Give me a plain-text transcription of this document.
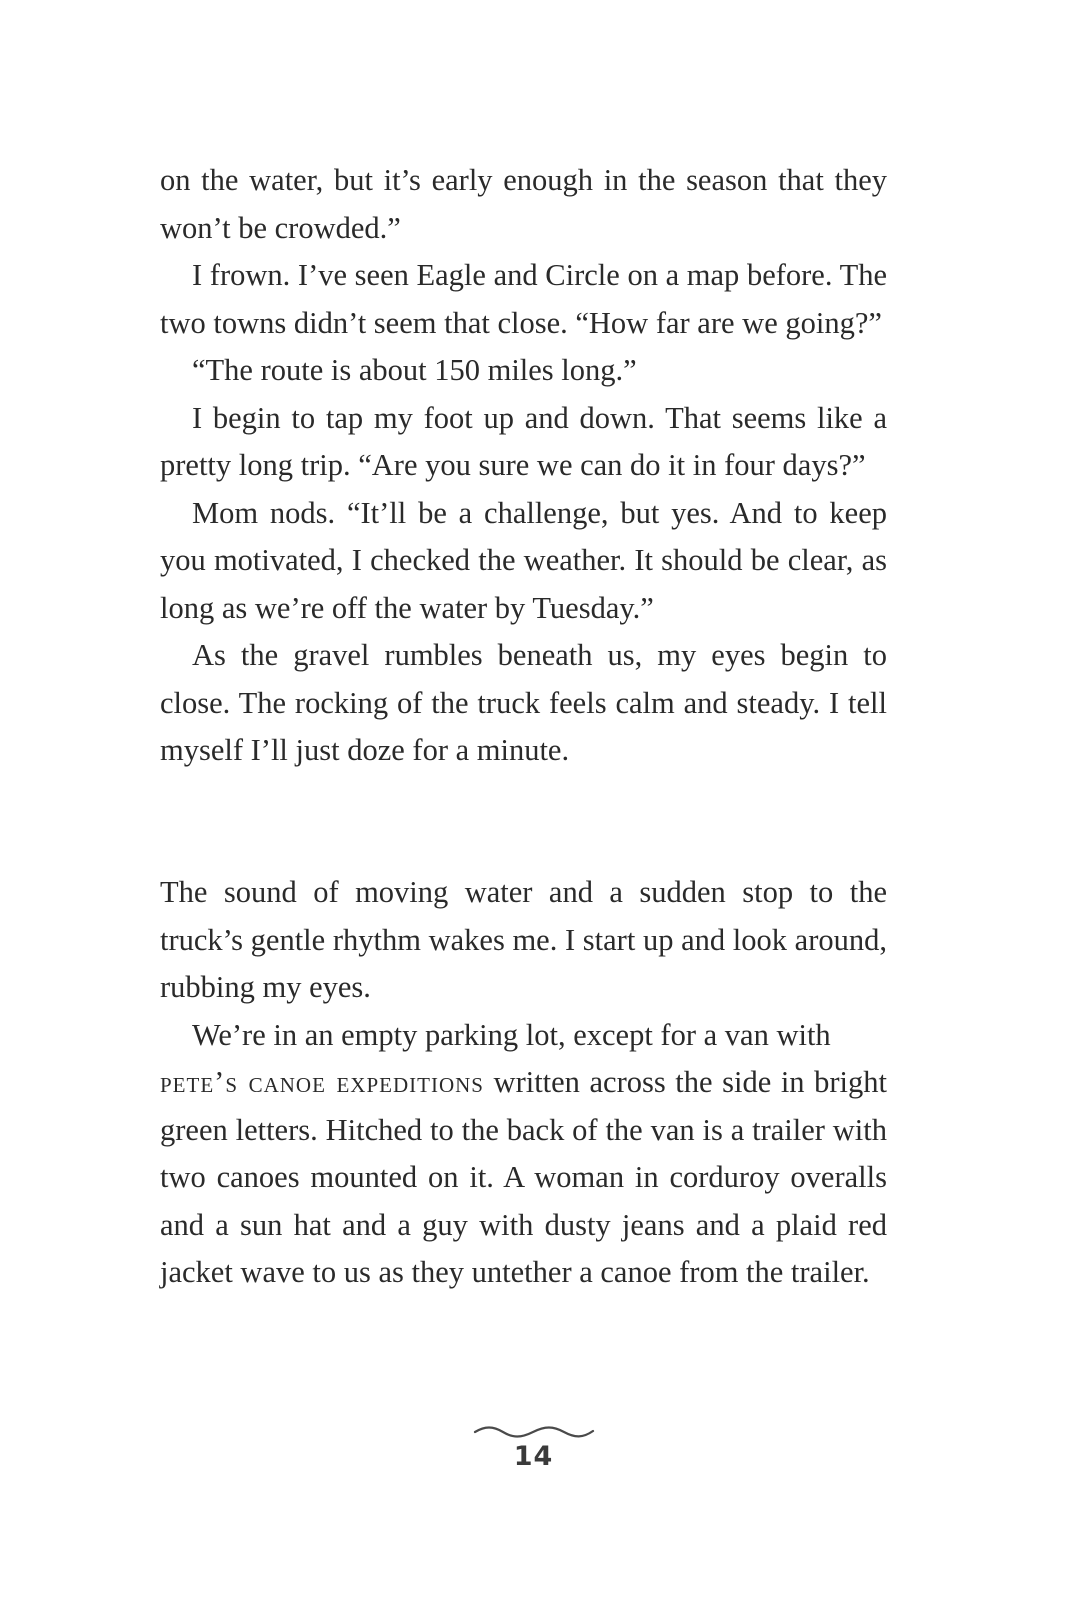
on the water, but it’s early enough in the season that they won’t be crowded.”

I frown. I’ve seen Eagle and Circle on a map before. The two towns didn’t seem that close. “How far are we going?”

“The route is about 150 miles long.”

I begin to tap my foot up and down. That seems like a pretty long trip. “Are you sure we can do it in four days?”

Mom nods. “It’ll be a challenge, but yes. And to keep you motivated, I checked the weather. It should be clear, as long as we’re off the water by Tuesday.”

As the gravel rumbles beneath us, my eyes begin to close. The rocking of the truck feels calm and steady. I tell myself I’ll just doze for a minute.

The sound of moving water and a sudden stop to the truck’s gentle rhythm wakes me. I start up and look around, rubbing my eyes.

We’re in an empty parking lot, except for a van with
pete’s canoe expeditions written across the side in bright green letters. Hitched to the back of the van is a trailer with two canoes mounted on it. A woman in corduroy overalls and a sun hat and a guy with dusty jeans and a plaid red jacket wave to us as they untether a canoe from the trailer.

14
